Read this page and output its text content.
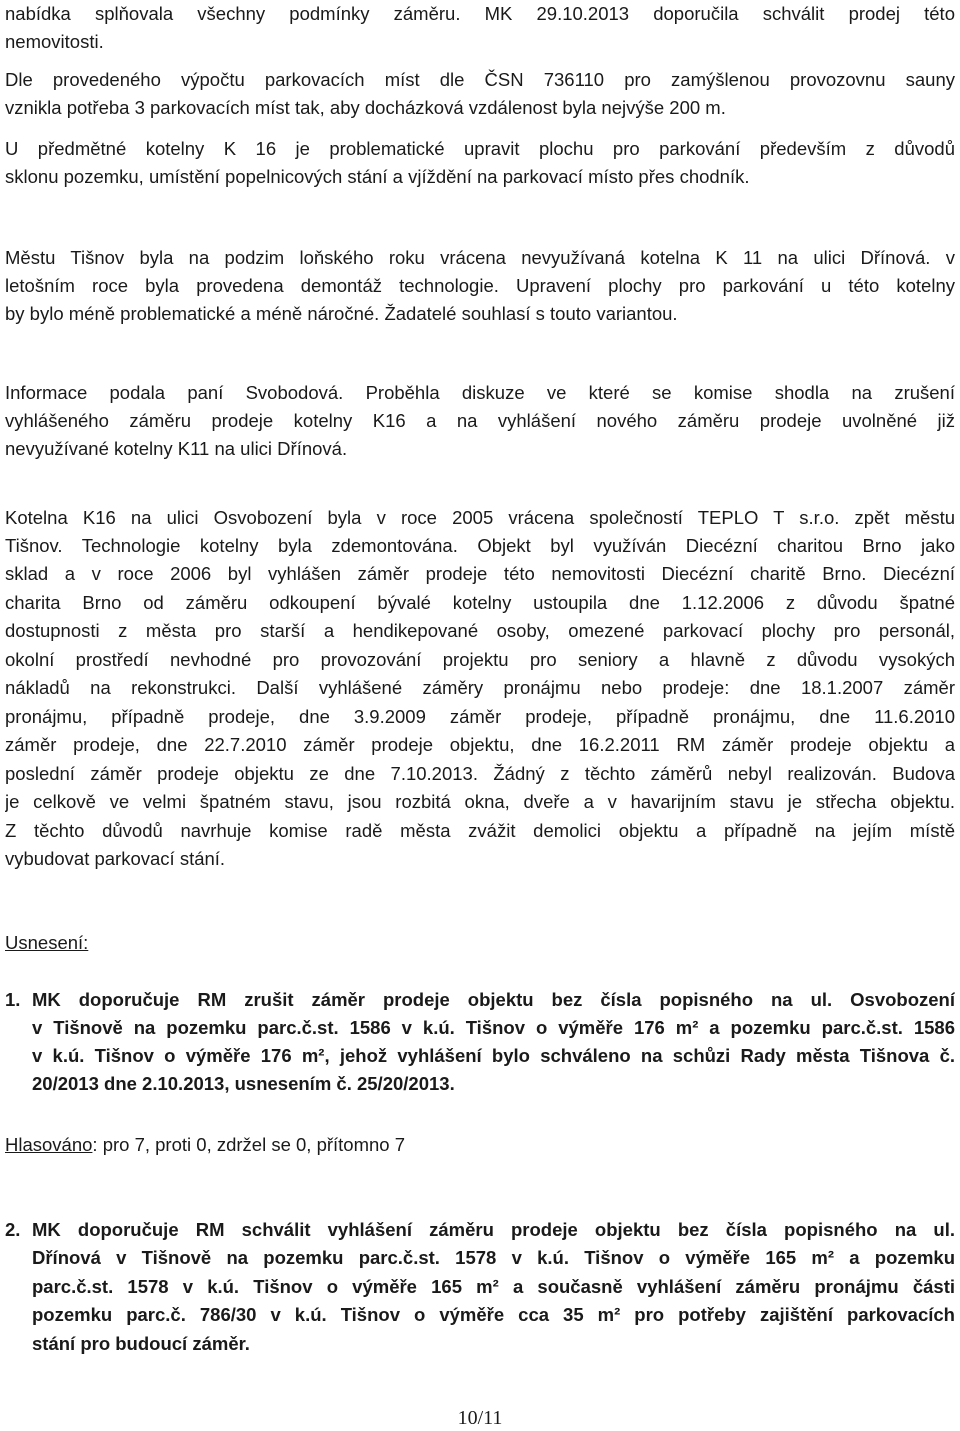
nabídka splňovala všechny podmínky záměru. MK 29.10.2013 doporučila schválit prodej této
nemovitosti.
Dle provedeného výpočtu parkovacích míst dle ČSN 736110 pro zamýšlenou provozovnu sauny
vznikla potřeba 3 parkovacích míst tak, aby docházková vzdálenost byla nejvýše 200 m.
U předmětné kotelny K 16 je problematické upravit plochu pro parkování především z důvodů
sklonu pozemku, umístění popelnicových stání a vjíždění na parkovací místo přes chodník.
Městu Tišnov byla na podzim loňského roku vrácena nevyužívaná kotelna K 11 na ulici Dřínová. v
letošním roce byla provedena demontáž technologie. Upravení plochy pro parkování u této kotelny
by bylo méně problematické a méně náročné. Žadatelé souhlasí s touto variantou.
Informace podala paní Svobodová. Proběhla diskuze ve které se komise shodla na zrušení
vyhlášeného záměru prodeje kotelny K16 a na vyhlášení nového záměru prodeje uvolněné již
nevyužívané kotelny K11 na ulici Dřínová.
Kotelna K16 na ulici Osvobození byla v roce 2005 vrácena společností TEPLO T s.r.o. zpět městu
Tišnov. Technologie kotelny byla zdemontována. Objekt byl využíván Diecézní charitou Brno jako
sklad a v roce 2006 byl vyhlášen záměr prodeje této nemovitosti Diecézní charitě Brno. Diecézní
charita Brno od záměru odkoupení bývalé kotelny ustoupila dne 1.12.2006 z důvodu špatné
dostupnosti z města pro starší a hendikepované osoby, omezené parkovací plochy pro personál,
okolní prostředí nevhodné pro provozování projektu pro seniory a hlavně z důvodu vysokých
nákladů na rekonstrukci. Další vyhlášené záměry pronájmu nebo prodeje: dne 18.1.2007 záměr
pronájmu, případně prodeje, dne 3.9.2009 záměr prodeje, případně pronájmu, dne 11.6.2010
záměr prodeje, dne 22.7.2010 záměr prodeje objektu, dne 16.2.2011 RM záměr prodeje objektu a
poslední záměr prodeje objektu ze dne 7.10.2013. Žádný z těchto záměrů nebyl realizován. Budova
je celkově ve velmi špatném stavu, jsou rozbitá okna, dveře a v havarijním stavu je střecha objektu.
Z těchto důvodů navrhuje komise radě města zvážit demolici objektu a případně na jejím místě
vybudovat parkovací stání.
Usnesení:
1. MK doporučuje RM zrušit záměr prodeje objektu bez čísla popisného na ul. Osvobození
v Tišnově na pozemku parc.č.st. 1586 v k.ú. Tišnov o výměře 176 m² a pozemku parc.č.st. 1586
v k.ú. Tišnov o výměře 176 m², jehož vyhlášení bylo schváleno na schůzi Rady města Tišnova č.
20/2013 dne 2.10.2013, usnesením č. 25/20/2013.
Hlasováno: pro 7, proti 0, zdržel se 0, přítomno 7
2. MK doporučuje RM schválit vyhlášení záměru prodeje objektu bez čísla popisného na ul.
Dřínová v Tišnově na pozemku parc.č.st. 1578 v k.ú. Tišnov o výměře 165 m² a pozemku
parc.č.st. 1578 v k.ú. Tišnov o výměře 165 m² a současně vyhlášení záměru pronájmu části
pozemku parc.č. 786/30 v k.ú. Tišnov o výměře cca 35 m² pro potřeby zajištění parkovacích
stání pro budoucí záměr.
10/11
